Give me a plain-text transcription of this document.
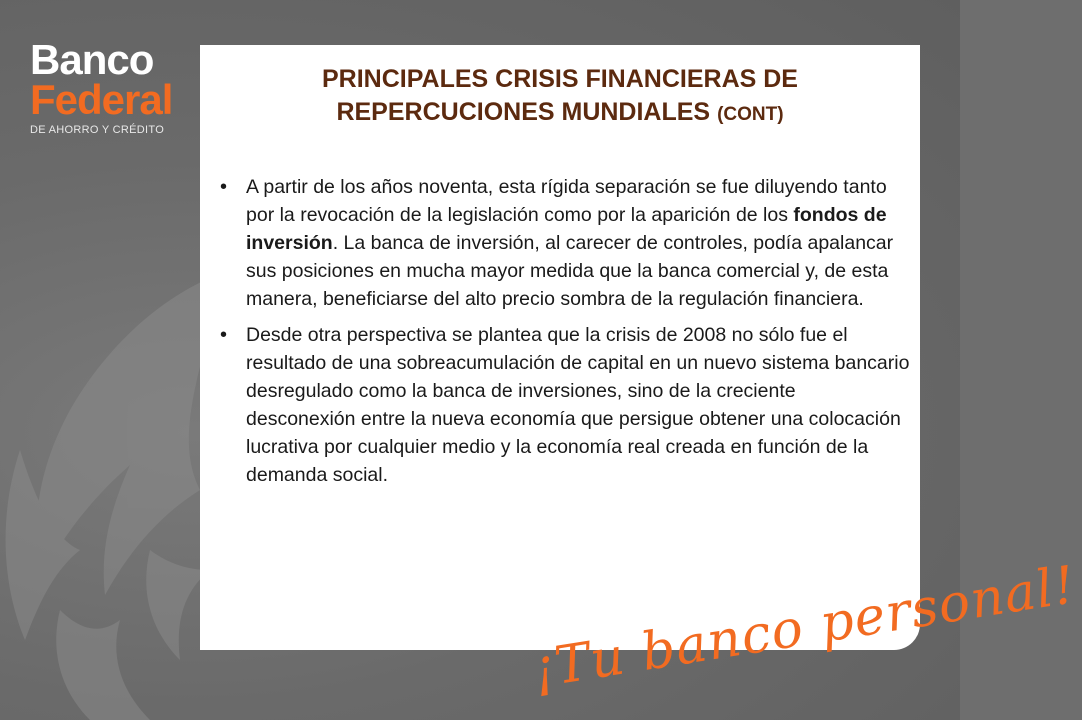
Banco
Federal
DE AHORRO Y CRÉDITO
PRINCIPALES CRISIS FINANCIERAS DE
REPERCUCIONES MUNDIALES (CONT)
• A partir de los años noventa, esta rígida separación se fue diluyendo tanto por la revocación de la legislación como por la aparición de los fondos de inversión. La banca de inversión, al carecer de controles, podía apalancar sus posiciones en mucha mayor medida que la banca comercial y, de esta manera, beneficiarse del alto precio sombra de la regulación financiera.
• Desde otra perspectiva se plantea que la crisis de 2008 no sólo fue el resultado de una sobreacumulación de capital en un nuevo sistema bancario desregulado como la banca de inversiones, sino de la creciente desconexión entre la nueva economía que persigue obtener una colocación lucrativa por cualquier medio y la economía real creada en función de la demanda social.
¡Tu banco personal!
